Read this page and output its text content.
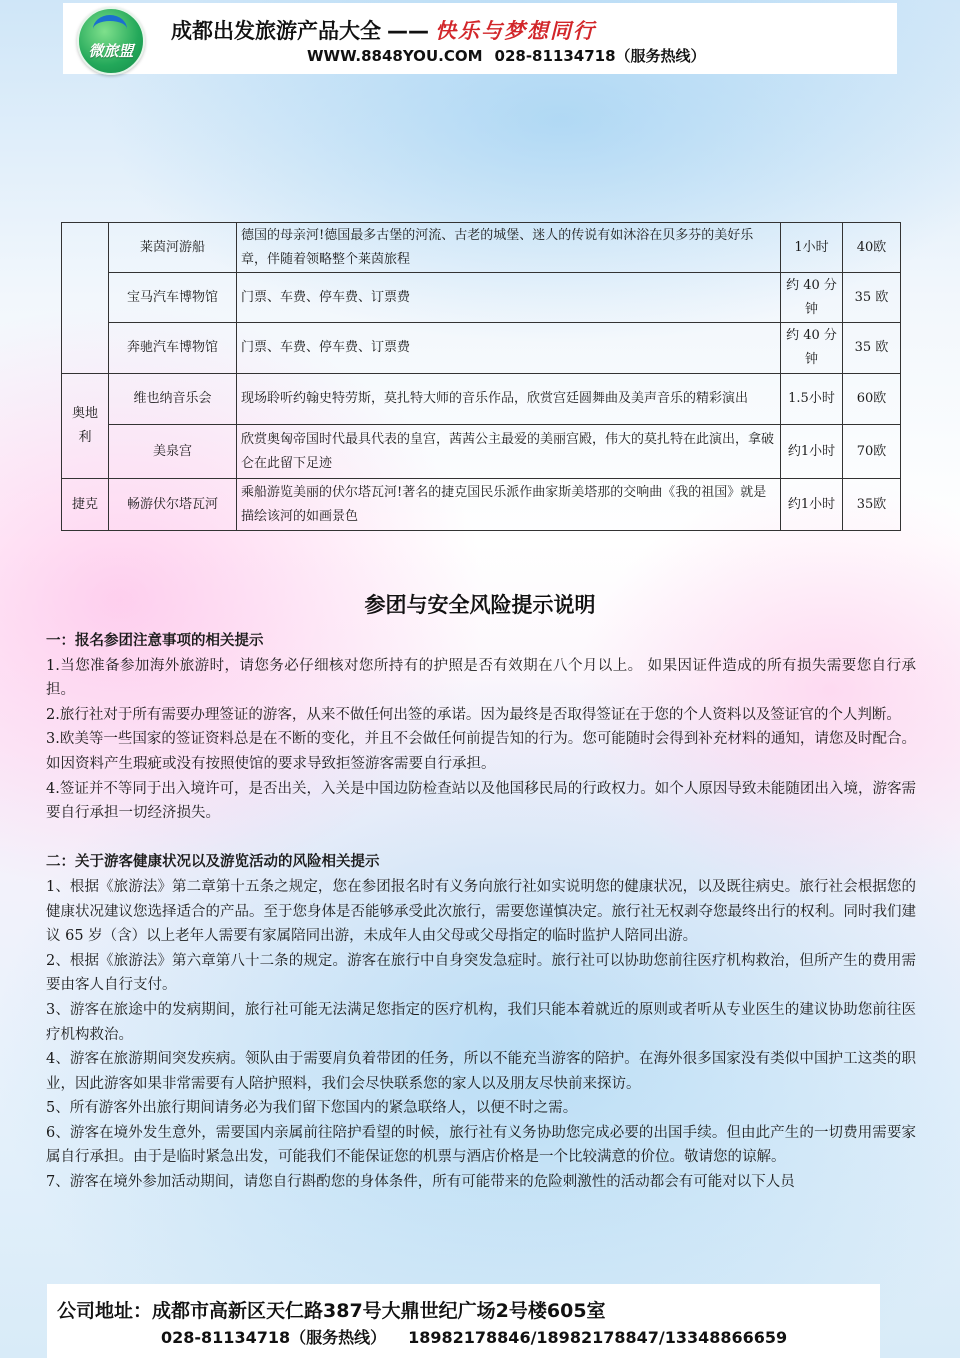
微旅盟
成都出发旅游产品大全 —— 快乐与梦想同行
WWW.8848YOU.COM 028-81134718（服务热线）
	莱茵河游船	德国的母亲河!德国最多古堡的河流、古老的城堡、迷人的传说有如沐浴在贝多芬的美好乐章，伴随着领略整个莱茵旅程	1小时	40欧
	宝马汽车博物馆	门票、车费、停车费、订票费	约 40 分钟	35 欧
	奔驰汽车博物馆	门票、车费、停车费、订票费	约 40 分钟	35 欧
奥地利	维也纳音乐会	现场聆听约翰史特劳斯，莫扎特大师的音乐作品，欣赏宫廷圆舞曲及美声音乐的精彩演出	1.5小时	60欧
	美泉宫	欣赏奥匈帝国时代最具代表的皇宫，茜茜公主最爱的美丽宫殿，伟大的莫扎特在此演出，拿破仑在此留下足迹	约1小时	70欧
捷克	畅游伏尔塔瓦河	乘船游览美丽的伏尔塔瓦河!著名的捷克国民乐派作曲家斯美塔那的交响曲《我的祖国》就是描绘该河的如画景色	约1小时	35欧
参团与安全风险提示说明

一：报名参团注意事项的相关提示

1.当您准备参加海外旅游时，请您务必仔细核对您所持有的护照是否有效期在八个月以上。 如果因证件造成的所有损失需要您自行承担。

2.旅行社对于所有需要办理签证的游客，从来不做任何出签的承诺。因为最终是否取得签证在于您的个人资料以及签证官的个人判断。

3.欧美等一些国家的签证资料总是在不断的变化，并且不会做任何前提告知的行为。您可能随时会得到补充材料的通知，请您及时配合。如因资料产生瑕疵或没有按照使馆的要求导致拒签游客需要自行承担。

4.签证并不等同于出入境许可，是否出关，入关是中国边防检查站以及他国移民局的行政权力。如个人原因导致未能随团出入境，游客需要自行承担一切经济损失。

二：关于游客健康状况以及游览活动的风险相关提示

1、根据《旅游法》第二章第十五条之规定，您在参团报名时有义务向旅行社如实说明您的健康状况，以及既往病史。旅行社会根据您的健康状况建议您选择适合的产品。至于您身体是否能够承受此次旅行，需要您谨慎决定。旅行社无权剥夺您最终出行的权利。同时我们建议 65 岁（含）以上老年人需要有家属陪同出游，未成年人由父母或父母指定的临时监护人陪同出游。

2、根据《旅游法》第六章第八十二条的规定。游客在旅行中自身突发急症时。旅行社可以协助您前往医疗机构救治，但所产生的费用需要由客人自行支付。

3、游客在旅途中的发病期间，旅行社可能无法满足您指定的医疗机构，我们只能本着就近的原则或者听从专业医生的建议协助您前往医疗机构救治。

4、游客在旅游期间突发疾病。领队由于需要肩负着带团的任务，所以不能充当游客的陪护。在海外很多国家没有类似中国护工这类的职业，因此游客如果非常需要有人陪护照料，我们会尽快联系您的家人以及朋友尽快前来探访。

5、所有游客外出旅行期间请务必为我们留下您国内的紧急联络人，以便不时之需。

6、游客在境外发生意外，需要国内亲属前往陪护看望的时候，旅行社有义务协助您完成必要的出国手续。但由此产生的一切费用需要家属自行承担。由于是临时紧急出发，可能我们不能保证您的机票与酒店价格是一个比较满意的价位。敬请您的谅解。

7、游客在境外参加活动期间，请您自行斟酌您的身体条件，所有可能带来的危险刺激性的活动都会有可能对以下人员

公司地址：成都市高新区天仁路387号大鼎世纪广场2号楼605室
028-81134718（服务热线） 18982178846/18982178847/13348866659
